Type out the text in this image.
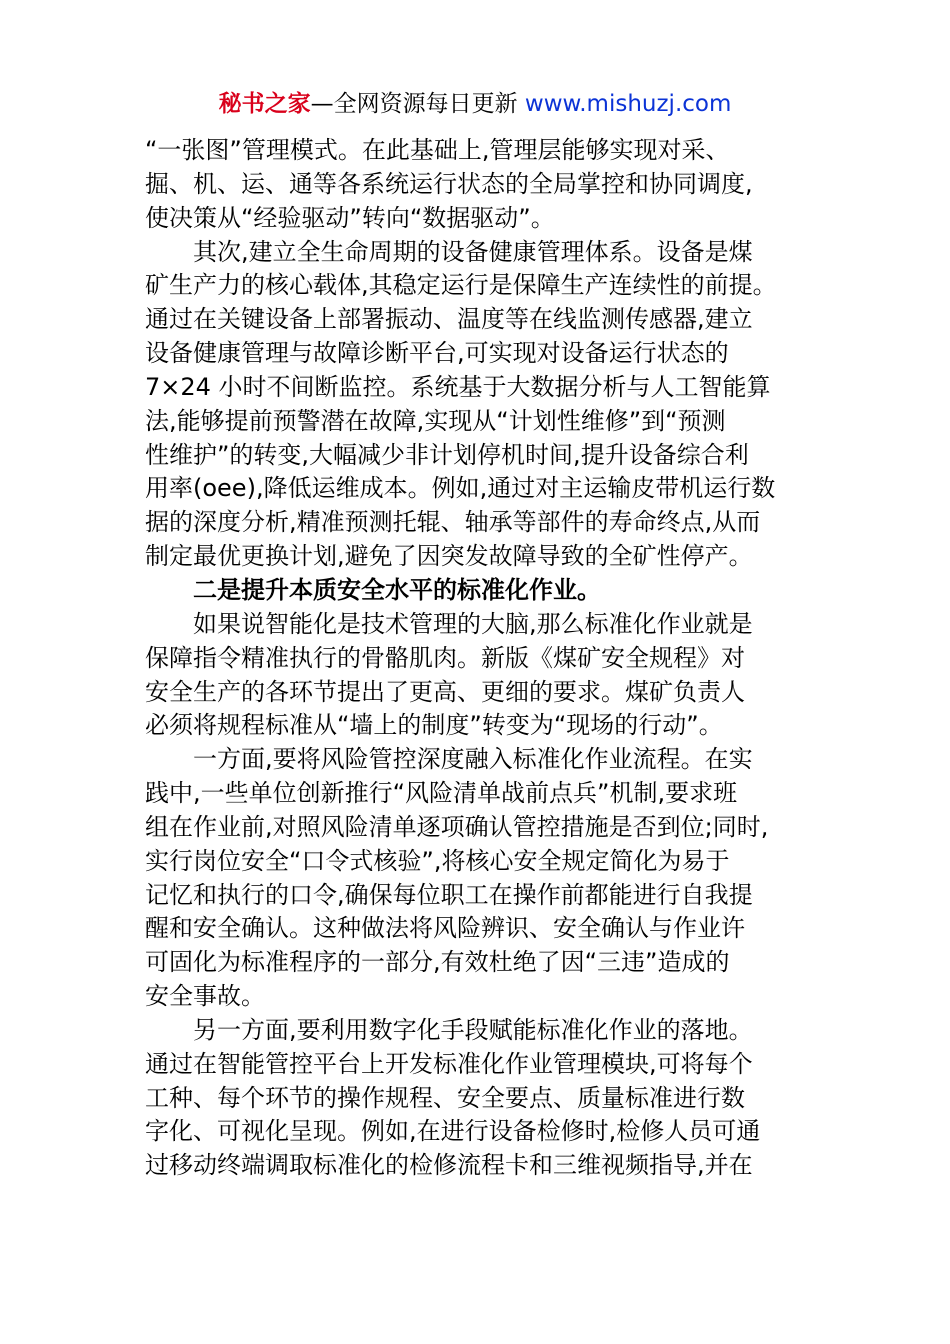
秘书之家—全网资源每日更新 www.mishuzj.com
“一张图”管理模式。在此基础上,管理层能够实现对采、
掘、机、运、通等各系统运行状态的全局掌控和协同调度,
使决策从“经验驱动”转向“数据驱动”。
其次,建立全生命周期的设备健康管理体系。设备是煤
矿生产力的核心载体,其稳定运行是保障生产连续性的前提。
通过在关键设备上部署振动、温度等在线监测传感器,建立
设备健康管理与故障诊断平台,可实现对设备运行状态的
7×24 小时不间断监控。系统基于大数据分析与人工智能算
法,能够提前预警潜在故障,实现从“计划性维修”到“预测
性维护”的转变,大幅减少非计划停机时间,提升设备综合利
用率(oee),降低运维成本。例如,通过对主运输皮带机运行数
据的深度分析,精准预测托辊、轴承等部件的寿命终点,从而
制定最优更换计划,避免了因突发故障导致的全矿性停产。
二是提升本质安全水平的标准化作业。
如果说智能化是技术管理的大脑,那么标准化作业就是
保障指令精准执行的骨骼肌肉。新版《煤矿安全规程》对
安全生产的各环节提出了更高、更细的要求。煤矿负责人
必须将规程标准从“墙上的制度”转变为“现场的行动”。
一方面,要将风险管控深度融入标准化作业流程。在实
践中,一些单位创新推行“风险清单战前点兵”机制,要求班
组在作业前,对照风险清单逐项确认管控措施是否到位;同时,
实行岗位安全“口令式核验”,将核心安全规定简化为易于
记忆和执行的口令,确保每位职工在操作前都能进行自我提
醒和安全确认。这种做法将风险辨识、安全确认与作业许
可固化为标准程序的一部分,有效杜绝了因“三违”造成的
安全事故。
另一方面,要利用数字化手段赋能标准化作业的落地。
通过在智能管控平台上开发标准化作业管理模块,可将每个
工种、每个环节的操作规程、安全要点、质量标准进行数
字化、可视化呈现。例如,在进行设备检修时,检修人员可通
过移动终端调取标准化的检修流程卡和三维视频指导,并在
